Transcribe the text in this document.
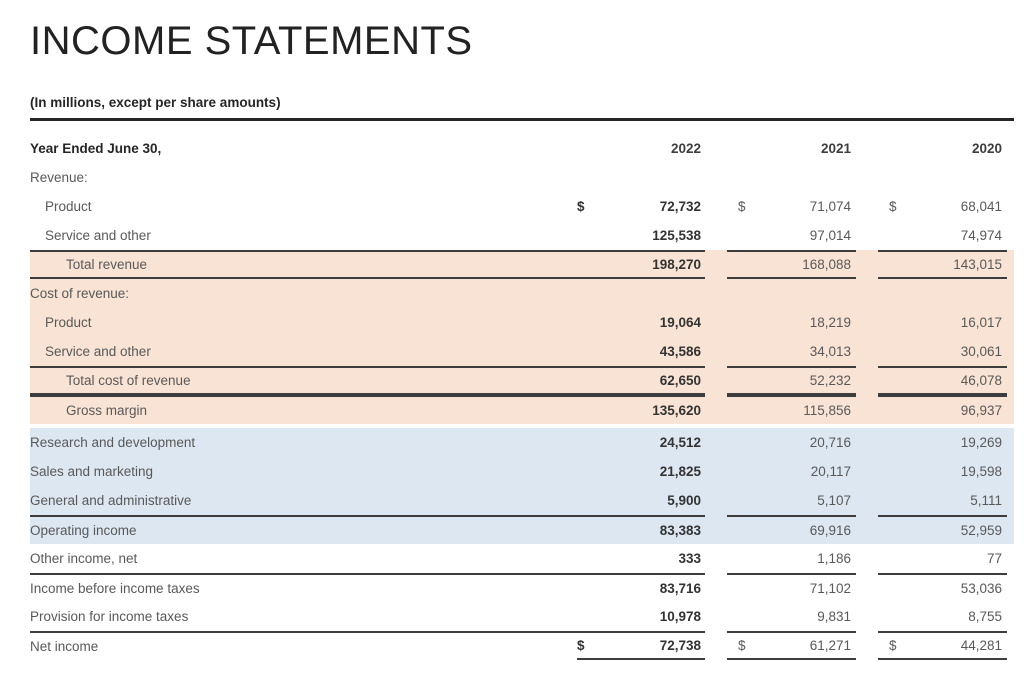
INCOME STATEMENTS
(In millions, except per share amounts)
Year Ended June 30,	2022	2021	2020
Revenue:
Product	$	72,732	$	71,074	$	68,041
Service and other	125,538	97,014	74,974
Total revenue	198,270	168,088	143,015
Cost of revenue:
Product	19,064	18,219	16,017
Service and other	43,586	34,013	30,061
Total cost of revenue	62,650	52,232	46,078
Gross margin	135,620	115,856	96,937
Research and development	24,512	20,716	19,269
Sales and marketing	21,825	20,117	19,598
General and administrative	5,900	5,107	5,111
Operating income	83,383	69,916	52,959
Other income, net	333	1,186	77
Income before income taxes	83,716	71,102	53,036
Provision for income taxes	10,978	9,831	8,755
Net income	$	72,738	$	61,271	$	44,281
